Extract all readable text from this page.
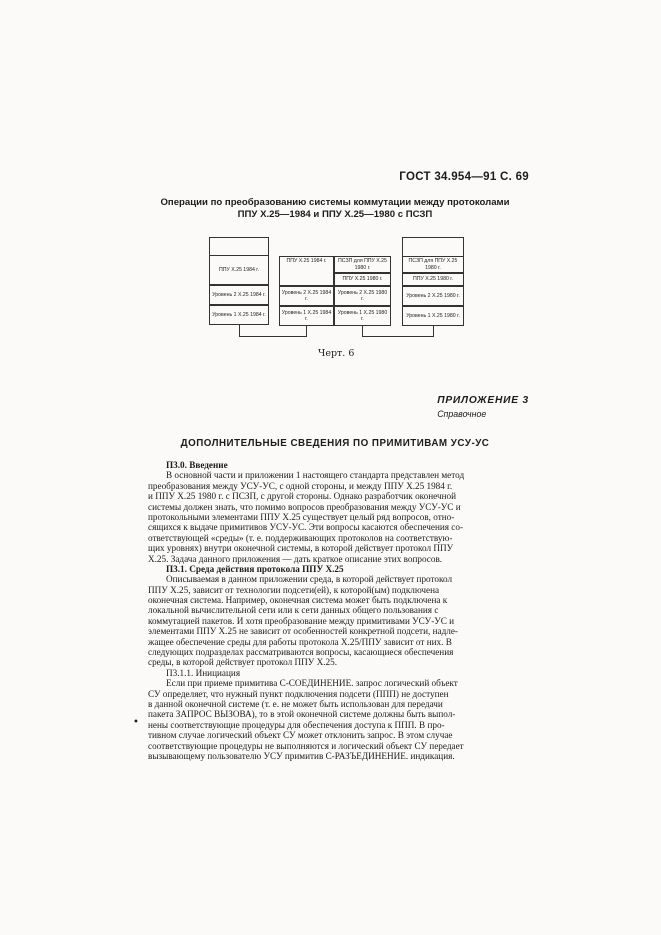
ГОСТ 34.954—91 С. 69
Операции по преобразованию системы коммутации между протоколами
ППУ Х.25—1984 и ППУ Х.25—1980 с ПСЗП
ППУ Х.25 1984 г.
Уровень 2 Х.25 1984 г.
Уровень 1 Х.25 1984 г.
ППУ Х.25 1984 г.	ПСЗП для ППУ Х.25 1980 г.
ППУ Х.25 1980 г.
Уровень 2 Х.25 1984 г.
Уровень 2 Х.25 1980 г.
Уровень 1 Х.25 1984 г.
Уровень 1 Х.25 1980 г.
ПСЗП для ППУ Х.25 1980 г.
ППУ Х.25 1980 г.
Уровень 2 Х.25 1980 г.
Уровень 1 Х.25 1980 г.
Черт. 6
ПРИЛОЖЕНИЕ 3
Справочное
ДОПОЛНИТЕЛЬНЫЕ СВЕДЕНИЯ ПО ПРИМИТИВАМ УСУ-УС
П3.0. Введение
В основной части и приложении 1 настоящего стандарта представлен метод
преобразования между УСУ-УС, с одной стороны, и между ППУ Х.25 1984 г.
и ППУ Х.25 1980 г. с ПСЗП, с другой стороны. Однако разработчик оконечной
системы должен знать, что помимо вопросов преобразования между УСУ-УС и
протокольными элементами ППУ Х.25 существует целый ряд вопросов, отно-
сящихся к выдаче примитивов УСУ-УС. Эти вопросы касаются обеспечения со-
ответствующей «среды» (т. е. поддерживающих протоколов на соответствую-
щих уровнях) внутри оконечной системы, в которой действует протокол ППУ
Х.25. Задача данного приложения — дать краткое описание этих вопросов.
П3.1. Среда действия протокола ППУ Х.25
Описываемая в данном приложении среда, в которой действует протокол
ППУ Х.25, зависит от технологии подсети(ей), к которой(ым) подключена
оконечная система. Например, оконечная система может быть подключена к
локальной вычислительной сети или к сети данных общего пользования с
коммутацией пакетов. И хотя преобразование между примитивами УСУ-УС и
элементами ППУ Х.25 не зависит от особенностей конкретной подсети, надле-
жащее обеспечение среды для работы протокола Х.25/ППУ зависит от них. В
следующих подразделах рассматриваются вопросы, касающиеся обеспечения
среды, в которой действует протокол ППУ Х.25.
П3.1.1. Инициация
Если при приеме примитива С-СОЕДИНЕНИЕ. запрос логический объект
СУ определяет, что нужный пункт подключения подсети (ППП) не доступен
в данной оконечной системе (т. е. не может быть использован для передачи
пакета ЗАПРОС ВЫЗОВА), то в этой оконечной системе должны быть выпол-
нены соответствующие процедуры для обеспечения доступа к ППП. В про-
тивном случае логический объект СУ может отклонить запрос. В этом случае
соответствующие процедуры не выполняются и логический объект СУ передает
вызывающему пользователю УСУ примитив С-РАЗЪЕДИНЕНИЕ. индикация.
•
